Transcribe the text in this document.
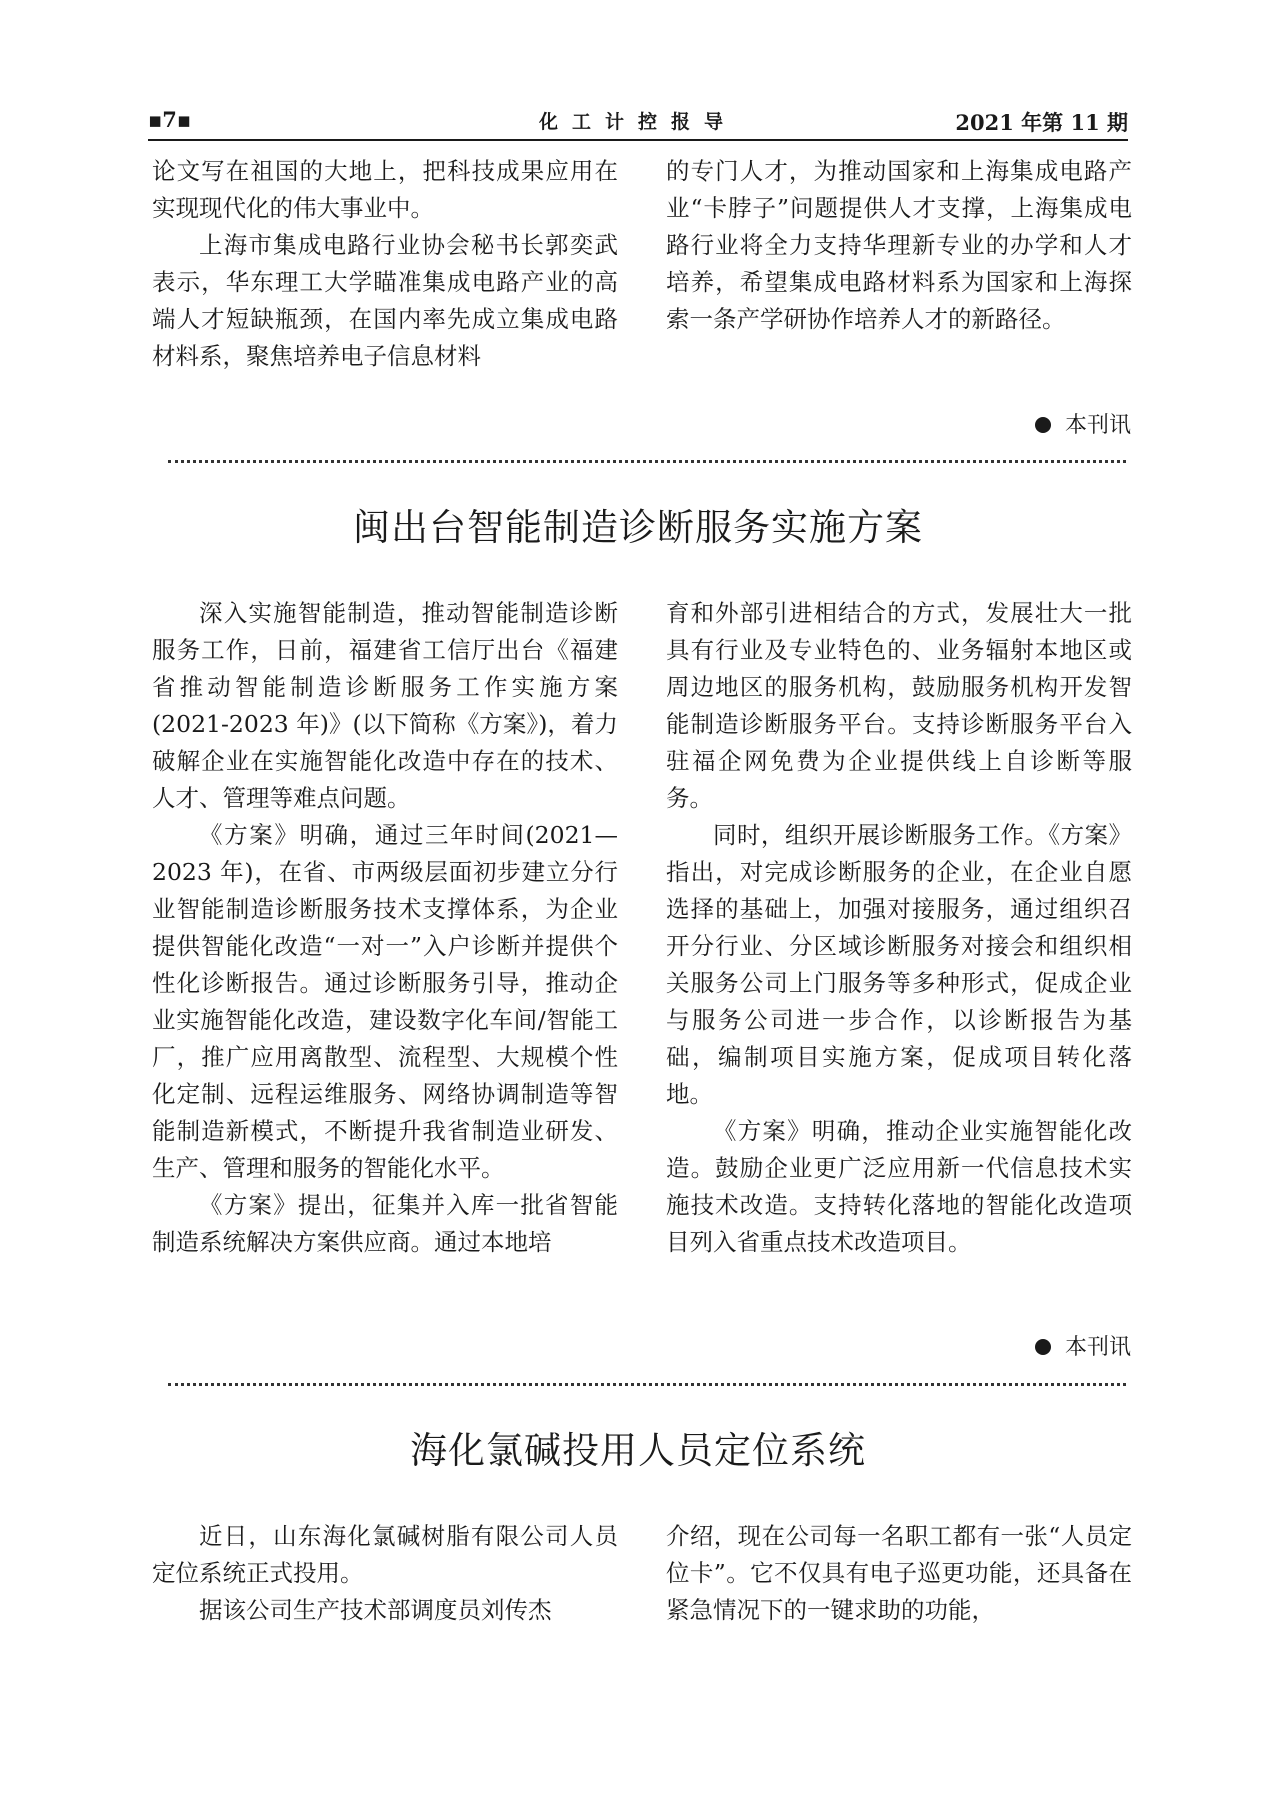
▪7▪	化工计控报导	2021 年第 11 期

论文写在祖国的大地上，把科技成果应用在实现现代化的伟大事业中。

上海市集成电路行业协会秘书长郭奕武表示，华东理工大学瞄准集成电路产业的高端人才短缺瓶颈，在国内率先成立集成电路材料系，聚焦培养电子信息材料

的专门人才，为推动国家和上海集成电路产业“卡脖子”问题提供人才支撑，上海集成电路行业将全力支持华理新专业的办学和人才培养，希望集成电路材料系为国家和上海探索一条产学研协作培养人才的新路径。

本刊讯
闽出台智能制造诊断服务实施方案

深入实施智能制造，推动智能制造诊断服务工作，日前，福建省工信厅出台《福建省推动智能制造诊断服务工作实施方案(2021-2023 年)》(以下简称《方案》)，着力破解企业在实施智能化改造中存在的技术、人才、管理等难点问题。

《方案》明确，通过三年时间(2021—2023 年)，在省、市两级层面初步建立分行业智能制造诊断服务技术支撑体系，为企业提供智能化改造“一对一”入户诊断并提供个性化诊断报告。通过诊断服务引导，推动企业实施智能化改造，建设数字化车间/智能工厂，推广应用离散型、流程型、大规模个性化定制、远程运维服务、网络协调制造等智能制造新模式，不断提升我省制造业研发、生产、管理和服务的智能化水平。

《方案》提出，征集并入库一批省智能制造系统解决方案供应商。通过本地培

育和外部引进相结合的方式，发展壮大一批具有行业及专业特色的、业务辐射本地区或周边地区的服务机构，鼓励服务机构开发智能制造诊断服务平台。支持诊断服务平台入驻福企网免费为企业提供线上自诊断等服务。

同时，组织开展诊断服务工作。《方案》指出，对完成诊断服务的企业，在企业自愿选择的基础上，加强对接服务，通过组织召开分行业、分区域诊断服务对接会和组织相关服务公司上门服务等多种形式，促成企业与服务公司进一步合作，以诊断报告为基础，编制项目实施方案，促成项目转化落地。

《方案》明确，推动企业实施智能化改造。鼓励企业更广泛应用新一代信息技术实施技术改造。支持转化落地的智能化改造项目列入省重点技术改造项目。

本刊讯
海化氯碱投用人员定位系统

近日，山东海化氯碱树脂有限公司人员定位系统正式投用。

据该公司生产技术部调度员刘传杰

介绍，现在公司每一名职工都有一张“人员定位卡”。它不仅具有电子巡更功能，还具备在紧急情况下的一键求助的功能，
